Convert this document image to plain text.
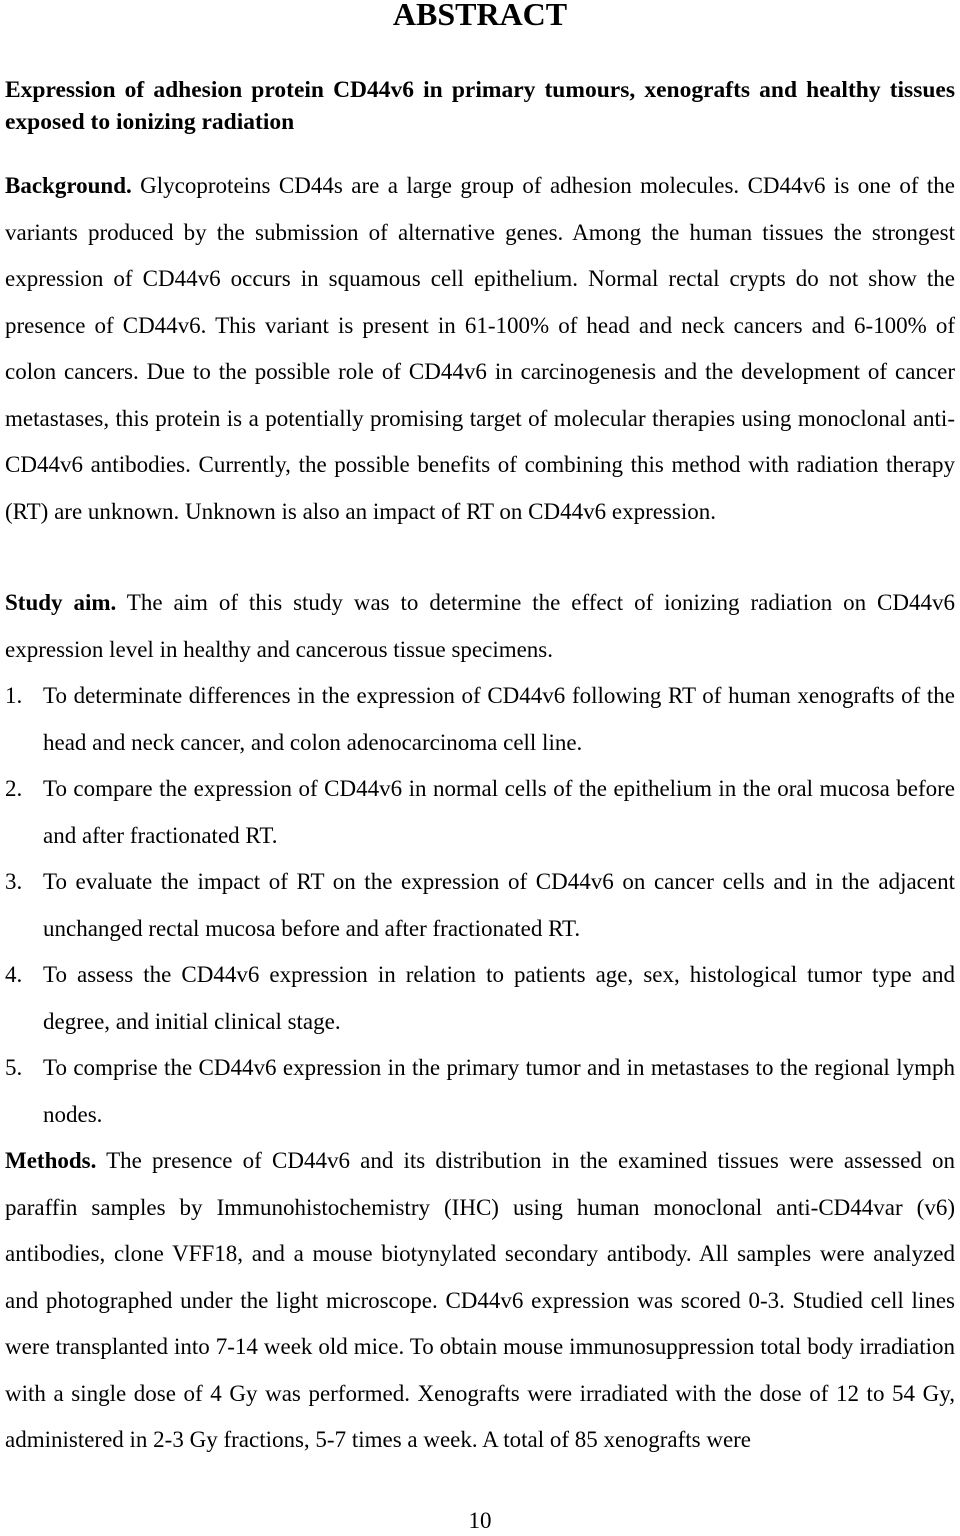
ABSTRACT

Expression of adhesion protein CD44v6 in primary tumours, xenografts and healthy tissues exposed to ionizing radiation

Background. Glycoproteins CD44s are a large group of adhesion molecules. CD44v6 is one of the variants produced by the submission of alternative genes. Among the human tissues the strongest expression of CD44v6 occurs in squamous cell epithelium. Normal rectal crypts do not show the presence of CD44v6. This variant is present in 61-100% of head and neck cancers and 6-100% of colon cancers. Due to the possible role of CD44v6 in carcinogenesis and the development of cancer metastases, this protein is a potentially promising target of molecular therapies using monoclonal anti-CD44v6 antibodies. Currently, the possible benefits of combining this method with radiation therapy (RT) are unknown. Unknown is also an impact of RT on CD44v6 expression.

Study aim. The aim of this study was to determine the effect of ionizing radiation on CD44v6 expression level in healthy and cancerous tissue specimens.

1. To determinate differences in the expression of CD44v6 following RT of human xenografts of the head and neck cancer, and colon adenocarcinoma cell line.
2. To compare the expression of CD44v6 in normal cells of the epithelium in the oral mucosa before and after fractionated RT.
3. To evaluate the impact of RT on the expression of CD44v6 on cancer cells and in the adjacent unchanged rectal mucosa before and after fractionated RT.
4. To assess the CD44v6 expression in relation to patients age, sex, histological tumor type and degree, and initial clinical stage.
5. To comprise the CD44v6 expression in the primary tumor and in metastases to the regional lymph nodes.

Methods. The presence of CD44v6 and its distribution in the examined tissues were assessed on paraffin samples by Immunohistochemistry (IHC) using human monoclonal anti-CD44var (v6) antibodies, clone VFF18, and a mouse biotynylated secondary antibody. All samples were analyzed and photographed under the light microscope. CD44v6 expression was scored 0-3. Studied cell lines were transplanted into 7-14 week old mice. To obtain mouse immunosuppression total body irradiation with a single dose of 4 Gy was performed. Xenografts were irradiated with the dose of 12 to 54 Gy, administered in 2-3 Gy fractions, 5-7 times a week. A total of 85 xenografts were

10
